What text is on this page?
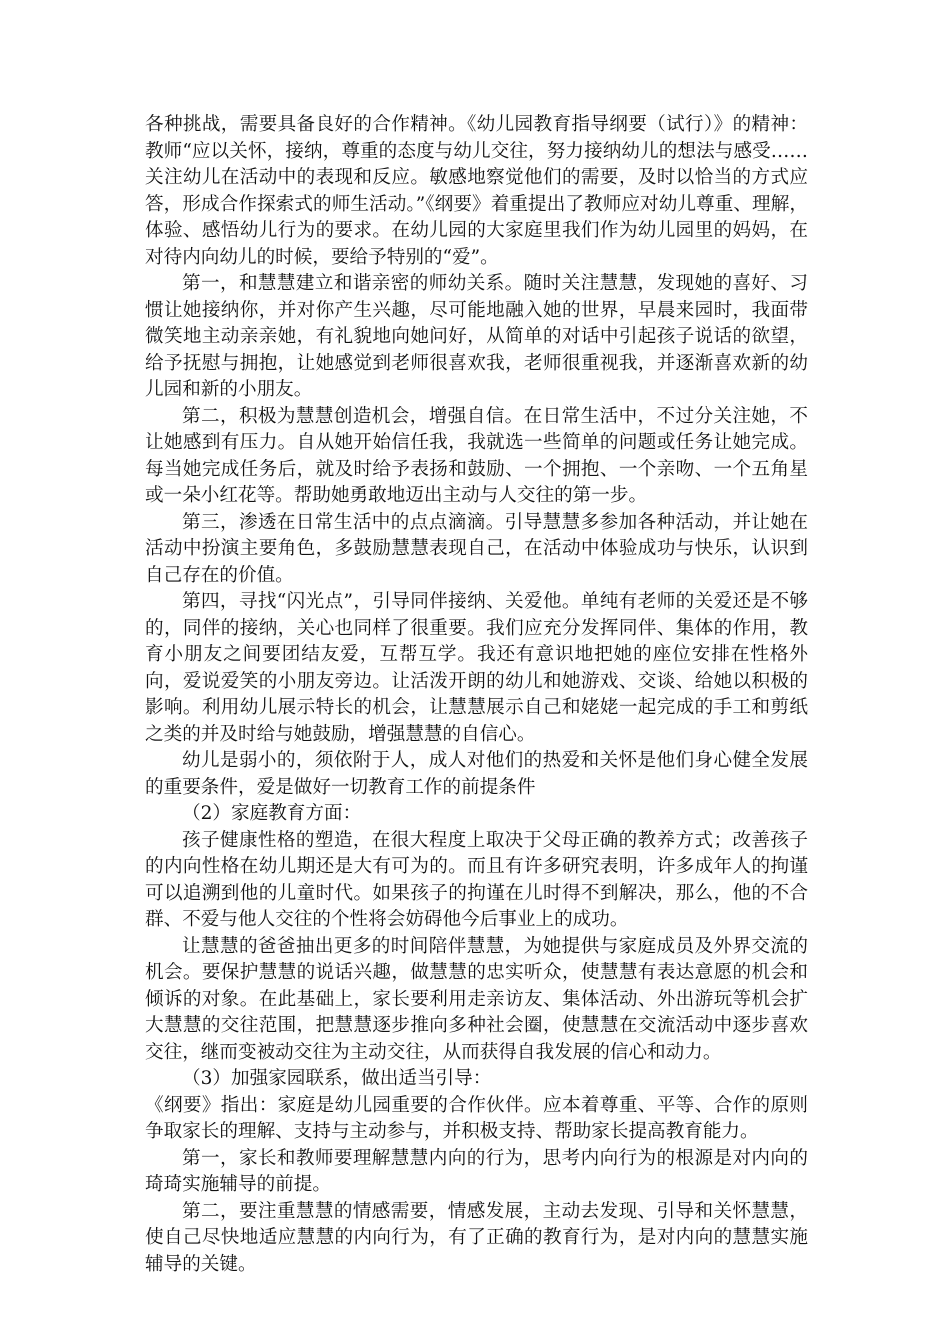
各种挑战，需要具备良好的合作精神。《幼儿园教育指导纲要（试行）》的精神：教师“应以关怀，接纳，尊重的态度与幼儿交往，努力接纳幼儿的想法与感受……关注幼儿在活动中的表现和反应。敏感地察觉他们的需要，及时以恰当的方式应答，形成合作探索式的师生活动。”《纲要》着重提出了教师应对幼儿尊重、理解，体验、感悟幼儿行为的要求。在幼儿园的大家庭里我们作为幼儿园里的妈妈，在对待内向幼儿的时候，要给予特别的“爱”。

第一，和慧慧建立和谐亲密的师幼关系。随时关注慧慧，发现她的喜好、习惯让她接纳你，并对你产生兴趣，尽可能地融入她的世界，早晨来园时，我面带微笑地主动亲亲她，有礼貌地向她问好，从简单的对话中引起孩子说话的欲望，给予抚慰与拥抱，让她感觉到老师很喜欢我，老师很重视我，并逐渐喜欢新的幼儿园和新的小朋友。

第二，积极为慧慧创造机会，增强自信。在日常生活中，不过分关注她，不让她感到有压力。自从她开始信任我，我就选一些简单的问题或任务让她完成。每当她完成任务后，就及时给予表扬和鼓励、一个拥抱、一个亲吻、一个五角星或一朵小红花等。帮助她勇敢地迈出主动与人交往的第一步。

第三，渗透在日常生活中的点点滴滴。引导慧慧多参加各种活动，并让她在活动中扮演主要角色，多鼓励慧慧表现自己，在活动中体验成功与快乐，认识到自己存在的价值。

第四，寻找“闪光点”，引导同伴接纳、关爱他。单纯有老师的关爱还是不够的，同伴的接纳，关心也同样了很重要。我们应充分发挥同伴、集体的作用，教育小朋友之间要团结友爱，互帮互学。我还有意识地把她的座位安排在性格外向，爱说爱笑的小朋友旁边。让活泼开朗的幼儿和她游戏、交谈、给她以积极的影响。利用幼儿展示特长的机会，让慧慧展示自己和姥姥一起完成的手工和剪纸之类的并及时给与她鼓励，增强慧慧的自信心。

幼儿是弱小的，须依附于人，成人对他们的热爱和关怀是他们身心健全发展的重要条件，爱是做好一切教育工作的前提条件

（2）家庭教育方面：

孩子健康性格的塑造，在很大程度上取决于父母正确的教养方式；改善孩子的内向性格在幼儿期还是大有可为的。而且有许多研究表明，许多成年人的拘谨可以追溯到他的儿童时代。如果孩子的拘谨在儿时得不到解决，那么，他的不合群、不爱与他人交往的个性将会妨碍他今后事业上的成功。

让慧慧的爸爸抽出更多的时间陪伴慧慧，为她提供与家庭成员及外界交流的机会。要保护慧慧的说话兴趣，做慧慧的忠实听众，使慧慧有表达意愿的机会和倾诉的对象。在此基础上，家长要利用走亲访友、集体活动、外出游玩等机会扩大慧慧的交往范围，把慧慧逐步推向多种社会圈，使慧慧在交流活动中逐步喜欢交往，继而变被动交往为主动交往，从而获得自我发展的信心和动力。

（3）加强家园联系，做出适当引导：

《纲要》指出：家庭是幼儿园重要的合作伙伴。应本着尊重、平等、合作的原则争取家长的理解、支持与主动参与，并积极支持、帮助家长提高教育能力。

第一，家长和教师要理解慧慧内向的行为，思考内向行为的根源是对内向的琦琦实施辅导的前提。

第二，要注重慧慧的情感需要，情感发展，主动去发现、引导和关怀慧慧，使自己尽快地适应慧慧的内向行为，有了正确的教育行为，是对内向的慧慧实施辅导的关键。
